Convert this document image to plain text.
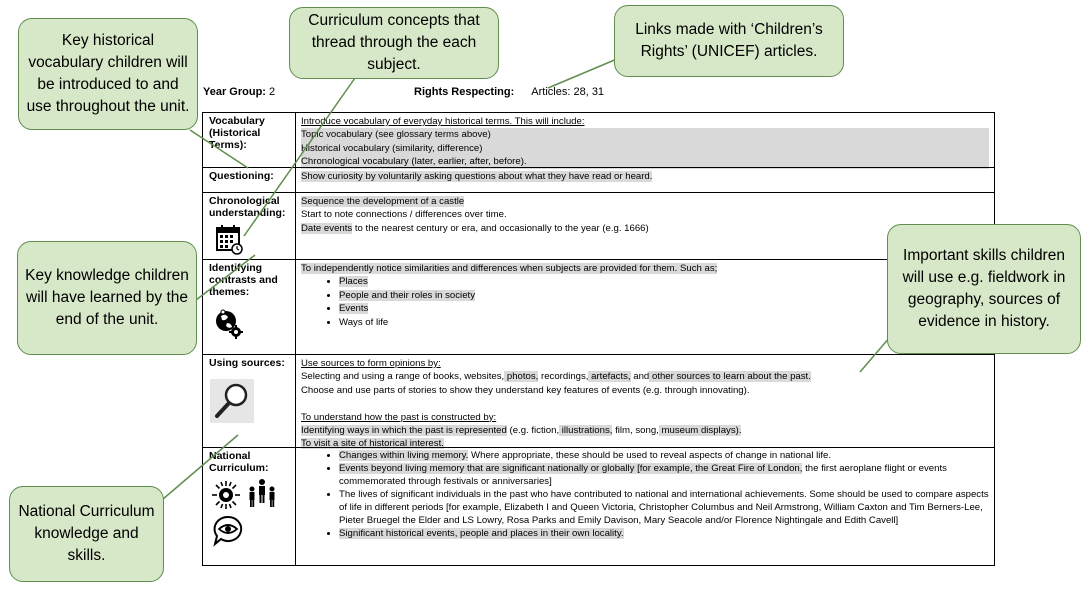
Year Group: 2	Rights Respecting: Articles: 28, 31
Vocabulary (Historical Terms):

Introduce vocabulary of everyday historical terms. This will include:

Topic vocabulary (see glossary terms above)

Historical vocabulary (similarity, difference)

Chronological vocabulary (later, earlier, after, before).

Questioning:	Show curiosity by voluntarily asking questions about what they have read or heard.

Chronological understanding:

Sequence the development of a castle

Start to note connections / differences over time.

Date events to the nearest century or era, and occasionally to the year (e.g. 1666)

Identifying contrasts and themes:

To independently notice similarities and differences when subjects are provided for them. Such as;

• Places
• People and their roles in society
• Events
• Ways of life
Using sources:	Use sources to form opinions by:

Selecting and using a range of books, websites, photos, recordings, artefacts, and other sources to learn about the past.

Choose and use parts of stories to show they understand key features of events (e.g. through innovating).

To understand how the past is constructed by:

Identifying ways in which the past is represented (e.g. fiction, illustrations, film, song, museum displays).

To visit a site of historical interest.

National Curriculum:
• Changes within living memory. Where appropriate, these should be used to reveal aspects of change in national life.
• Events beyond living memory that are significant nationally or globally [for example, the Great Fire of London, the first aeroplane flight or events commemorated through festivals or anniversaries]
• The lives of significant individuals in the past who have contributed to national and international achievements. Some should be used to compare aspects of life in different periods [for example, Elizabeth I and Queen Victoria, Christopher Columbus and Neil Armstrong, William Caxton and Tim Berners-Lee, Pieter Bruegel the Elder and LS Lowry, Rosa Parks and Emily Davison, Mary Seacole and/or Florence Nightingale and Edith Cavell]
• Significant historical events, people and places in their own locality.
Key historical vocabulary children will be introduced to and use throughout the unit.
Curriculum concepts that thread through the each subject.
Links made with ‘Children’s Rights’ (UNICEF) articles.
Key knowledge children will have learned by the end of the unit.
Important skills children will use e.g. fieldwork in geography, sources of evidence in history.
National Curriculum knowledge and skills.
